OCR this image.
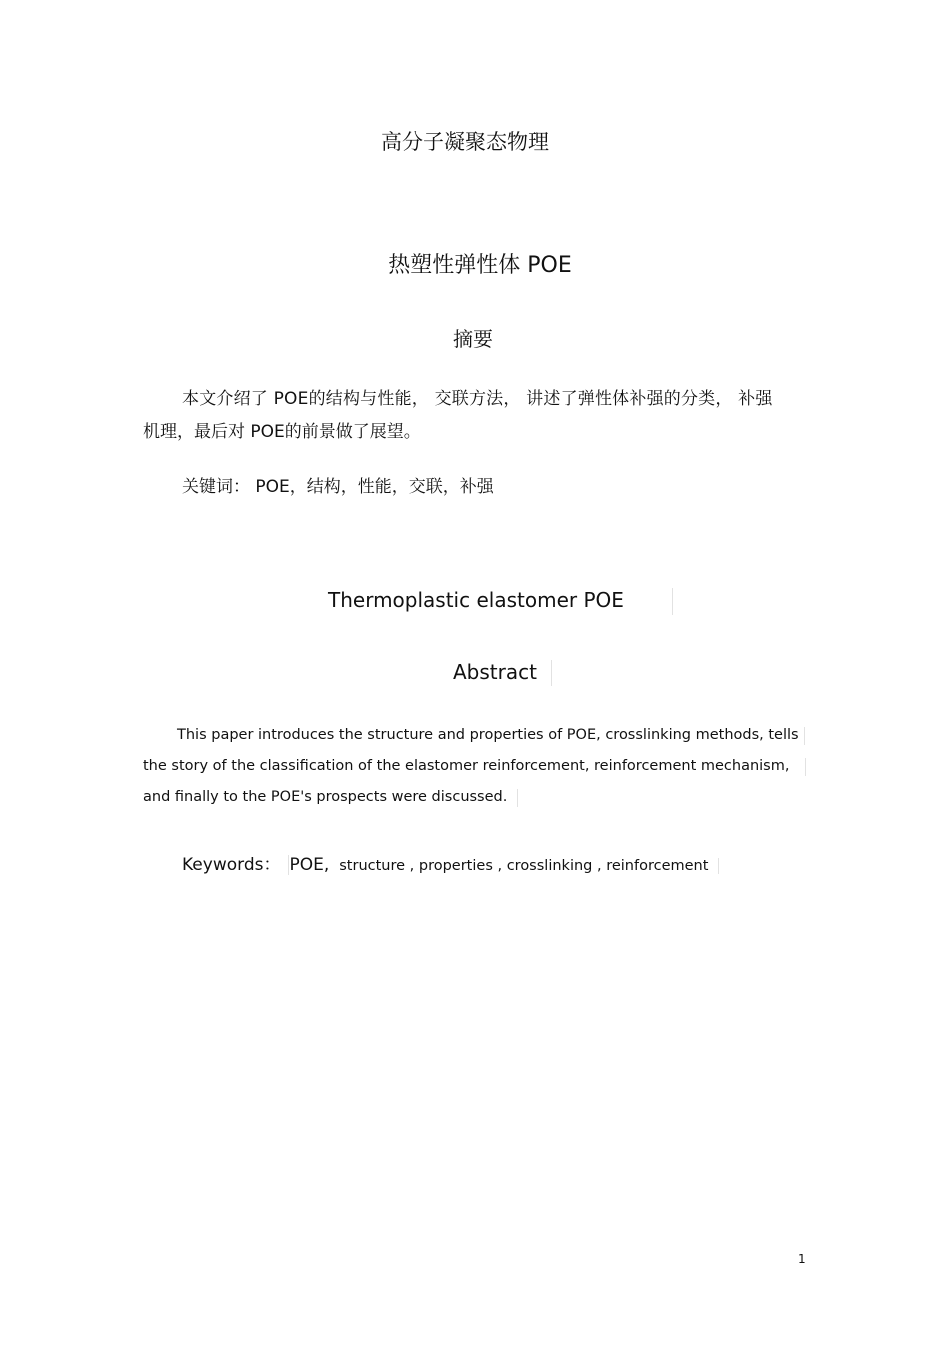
高分子凝聚态物理
热塑性弹性体 POE
摘要

本文介绍了 POE的结构与性能， 交联方法， 讲述了弹性体补强的分类， 补强

机理，最后对 POE的前景做了展望。

关键词： POE，结构，性能，交联，补强
Thermoplastic elastomer POE
Abstract
This paper introduces the structure and properties of POE, crosslinking methods, tells
the story of the classification of the elastomer reinforcement, reinforcement mechanism,
and finally to the POE's prospects were discussed.
Keywords： POE, structure , properties , crosslinking , reinforcement
1
